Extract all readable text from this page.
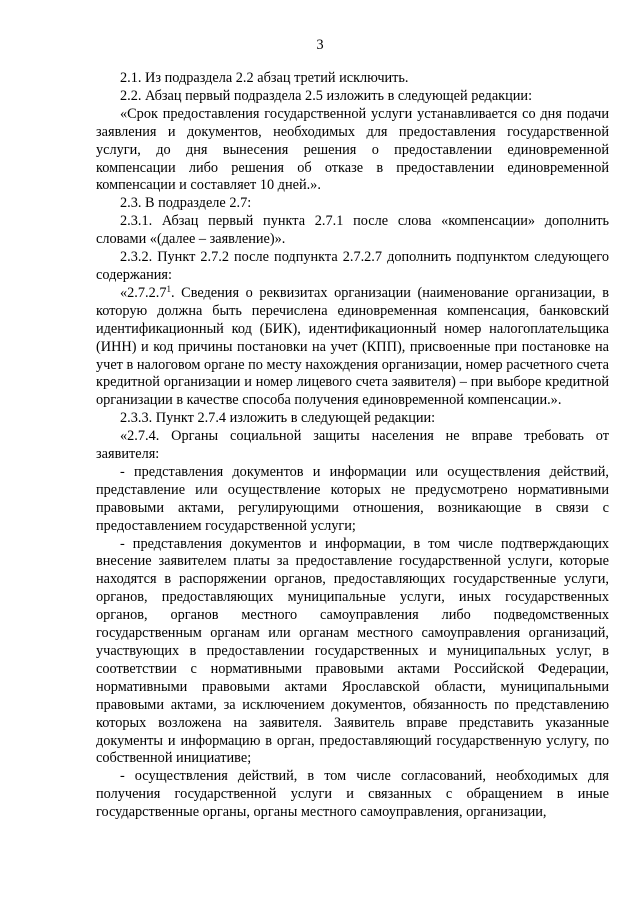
3

2.1. Из подраздела 2.2 абзац третий исключить.

2.2. Абзац первый подраздела 2.5 изложить в следующей редакции:

«Срок предоставления государственной услуги устанавливается со дня подачи заявления и документов, необходимых для предоставления государственной услуги, до дня вынесения решения о предоставлении единовременной компенсации либо решения об отказе в предоставлении единовременной компенсации и составляет 10 дней.».

2.3. В подразделе 2.7:

2.3.1. Абзац первый пункта 2.7.1 после слова «компенсации» дополнить словами «(далее – заявление)».

2.3.2. Пункт 2.7.2 после подпункта 2.7.2.7 дополнить подпунктом следующего содержания:

«2.7.2.7$^1$. Сведения о реквизитах организации (наименование организации, в которую должна быть перечислена единовременная компенсация, банковский идентификационный код (БИК), идентификационный номер налогоплательщика (ИНН) и код причины постановки на учет (КПП), присвоенные при постановке на учет в налоговом органе по месту нахождения организации, номер расчетного счета кредитной организации и номер лицевого счета заявителя) – при выборе кредитной организации в качестве способа получения единовременной компенсации.».

2.3.3. Пункт 2.7.4 изложить в следующей редакции:

«2.7.4. Органы социальной защиты населения не вправе требовать от заявителя:

- представления документов и информации или осуществления действий, представление или осуществление которых не предусмотрено нормативными правовыми актами, регулирующими отношения, возникающие в связи с предоставлением государственной услуги;

- представления документов и информации, в том числе подтверждающих внесение заявителем платы за предоставление государственной услуги, которые находятся в распоряжении органов, предоставляющих государственные услуги, органов, предоставляющих муниципальные услуги, иных государственных органов, органов местного самоуправления либо подведомственных государственным органам или органам местного самоуправления организаций, участвующих в предоставлении государственных и муниципальных услуг, в соответствии с нормативными правовыми актами Российской Федерации, нормативными правовыми актами Ярославской области, муниципальными правовыми актами, за исключением документов, обязанность по представлению которых возложена на заявителя. Заявитель вправе представить указанные документы и информацию в орган, предоставляющий государственную услугу, по собственной инициативе;

- осуществления действий, в том числе согласований, необходимых для получения государственной услуги и связанных с обращением в иные государственные органы, органы местного самоуправления, организации,
